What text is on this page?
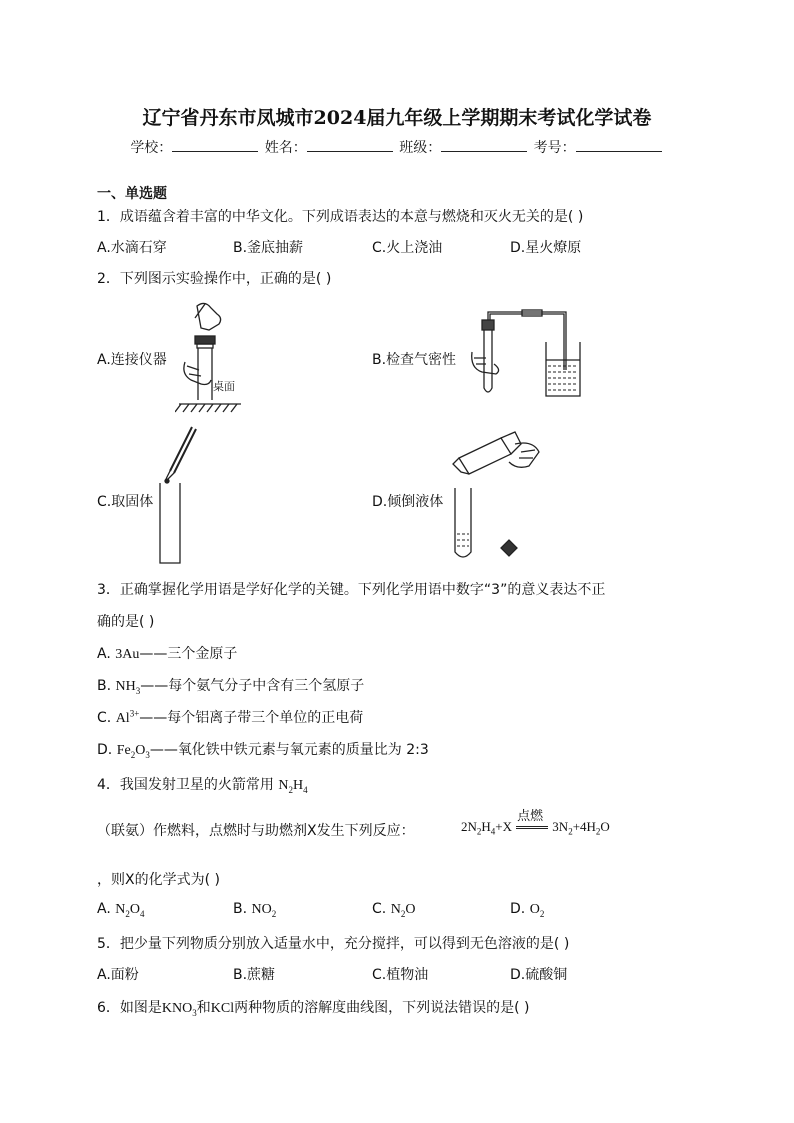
辽宁省丹东市凤城市2024届九年级上学期期末考试化学试卷
学校：	姓名：	班级：	考号：
一、单选题
1．成语蕴含着丰富的中华文化。下列成语表达的本意与燃烧和灭火无关的是( )
A.水滴石穿	B.釜底抽薪	C.火上浇油	D.星火燎原
2．下列图示实验操作中，正确的是( )
A.连接仪器
桌面
B.检查气密性
C.取固体	D.倾倒液体
3．正确掌握化学用语是学好化学的关键。下列化学用语中数字“3”的意义表达不正
确的是( )
A. 3Au——三个金原子
B. $NH_3——$每个氨气分子中含有三个氢原子
C. $Al^{3+}——$每个铝离子带三个单位的正电荷
D. $Fe_2O_3——$氧化铁中铁元素与氧元素的质量比为 2:3
4．我国发射卫星的火箭常用 $N_2H_4$
（联氨）作燃料，点燃时与助燃剂X发生下列反应：	$2N_2H_4+X$
点燃
$3N_2+4H_2O$
，则X的化学式为( )
A. $N_2O_4$	B. $NO_2$	C. $N_2O$	D. $O_2$
5．把少量下列物质分别放入适量水中，充分搅拌，可以得到无色溶液的是( )
A.面粉	B.蔗糖	C.植物油	D.硫酸铜
6．如图是$KNO_3$和KCl两种物质的溶解度曲线图，下列说法错误的是( )
